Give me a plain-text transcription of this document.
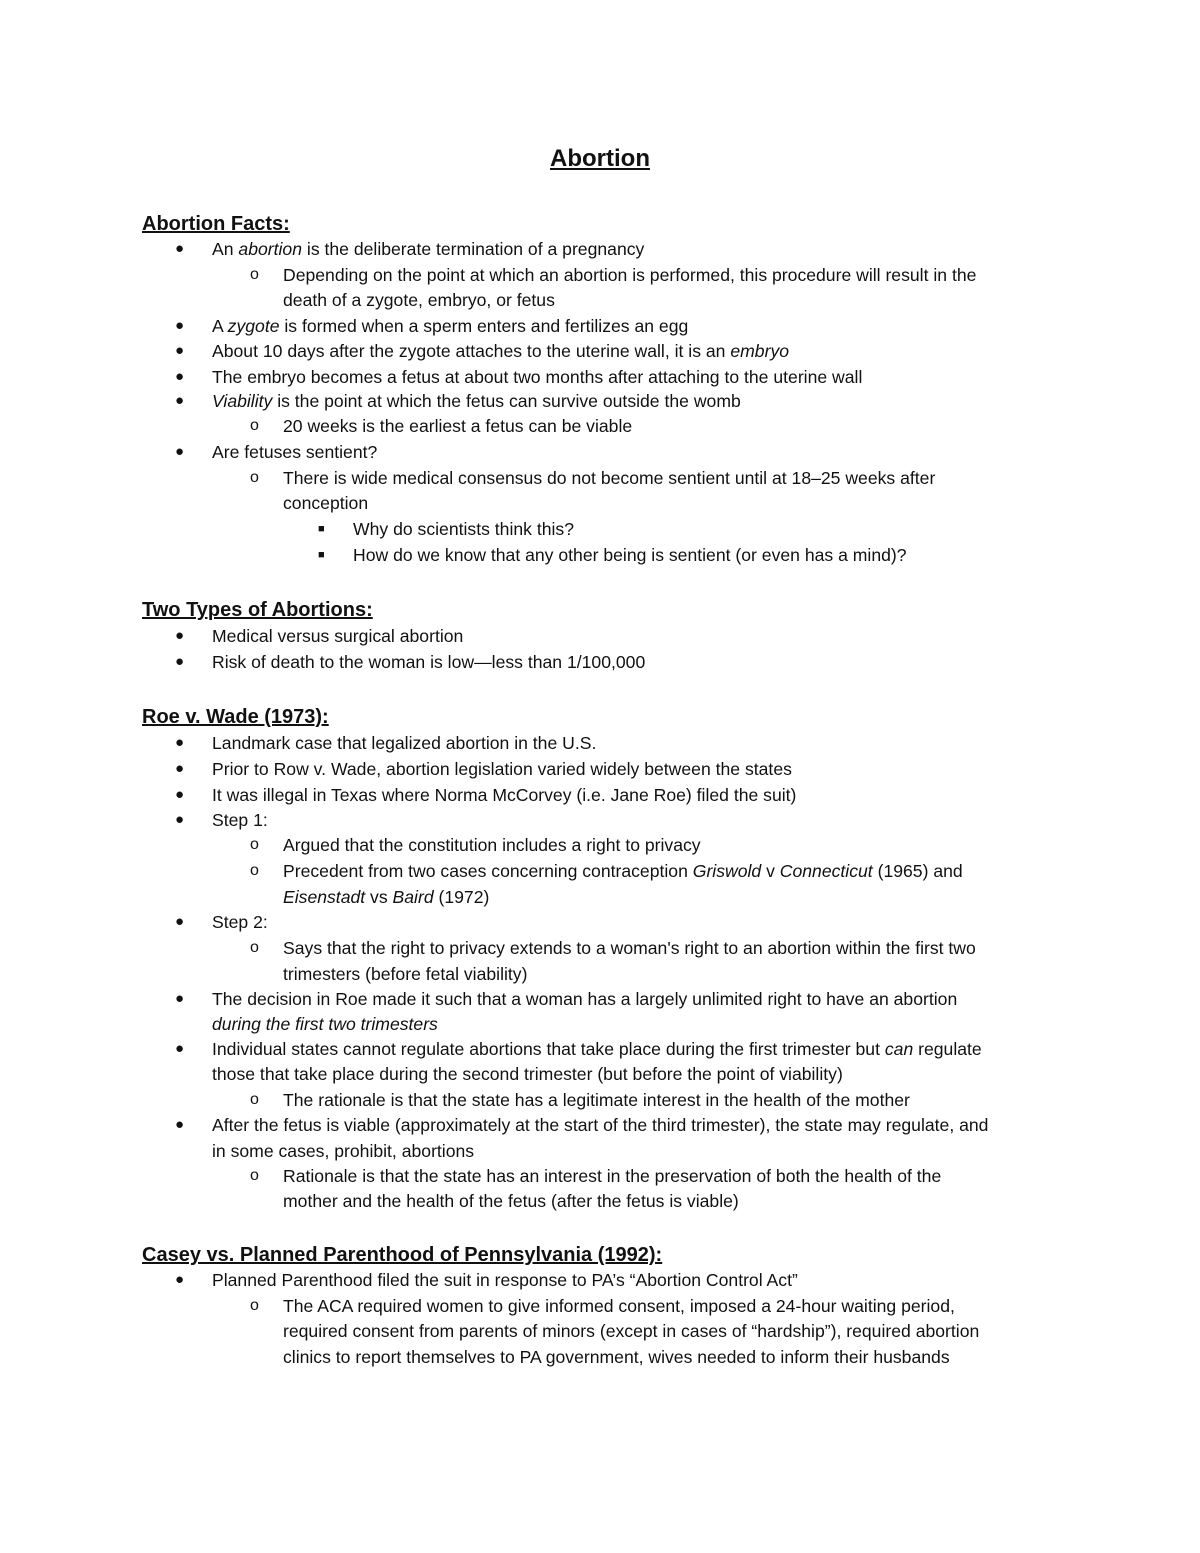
Abortion
Abortion Facts:
● An abortion is the deliberate termination of a pregnancy
o Depending on the point at which an abortion is performed, this procedure will result in the
death of a zygote, embryo, or fetus
● A zygote is formed when a sperm enters and fertilizes an egg
● About 10 days after the zygote attaches to the uterine wall, it is an embryo
● The embryo becomes a fetus at about two months after attaching to the uterine wall
● Viability is the point at which the fetus can survive outside the womb
o 20 weeks is the earliest a fetus can be viable
● Are fetuses sentient?
o There is wide medical consensus do not become sentient until at 18–25 weeks after
conception
■ Why do scientists think this?
■ How do we know that any other being is sentient (or even has a mind)?
Two Types of Abortions:
● Medical versus surgical abortion
● Risk of death to the woman is low—less than 1/100,000
Roe v. Wade (1973):
● Landmark case that legalized abortion in the U.S.
● Prior to Row v. Wade, abortion legislation varied widely between the states
● It was illegal in Texas where Norma McCorvey (i.e. Jane Roe) filed the suit)
● Step 1:
o Argued that the constitution includes a right to privacy
o Precedent from two cases concerning contraception Griswold v Connecticut (1965) and
Eisenstadt vs Baird (1972)
● Step 2:
o Says that the right to privacy extends to a woman's right to an abortion within the first two
trimesters (before fetal viability)
● The decision in Roe made it such that a woman has a largely unlimited right to have an abortion
during the first two trimesters
● Individual states cannot regulate abortions that take place during the first trimester but can regulate
those that take place during the second trimester (but before the point of viability)
o The rationale is that the state has a legitimate interest in the health of the mother
● After the fetus is viable (approximately at the start of the third trimester), the state may regulate, and
in some cases, prohibit, abortions
o Rationale is that the state has an interest in the preservation of both the health of the
mother and the health of the fetus (after the fetus is viable)
Casey vs. Planned Parenthood of Pennsylvania (1992):
● Planned Parenthood filed the suit in response to PA’s “Abortion Control Act”
o The ACA required women to give informed consent, imposed a 24-hour waiting period,
required consent from parents of minors (except in cases of “hardship”), required abortion
clinics to report themselves to PA government, wives needed to inform their husbands
